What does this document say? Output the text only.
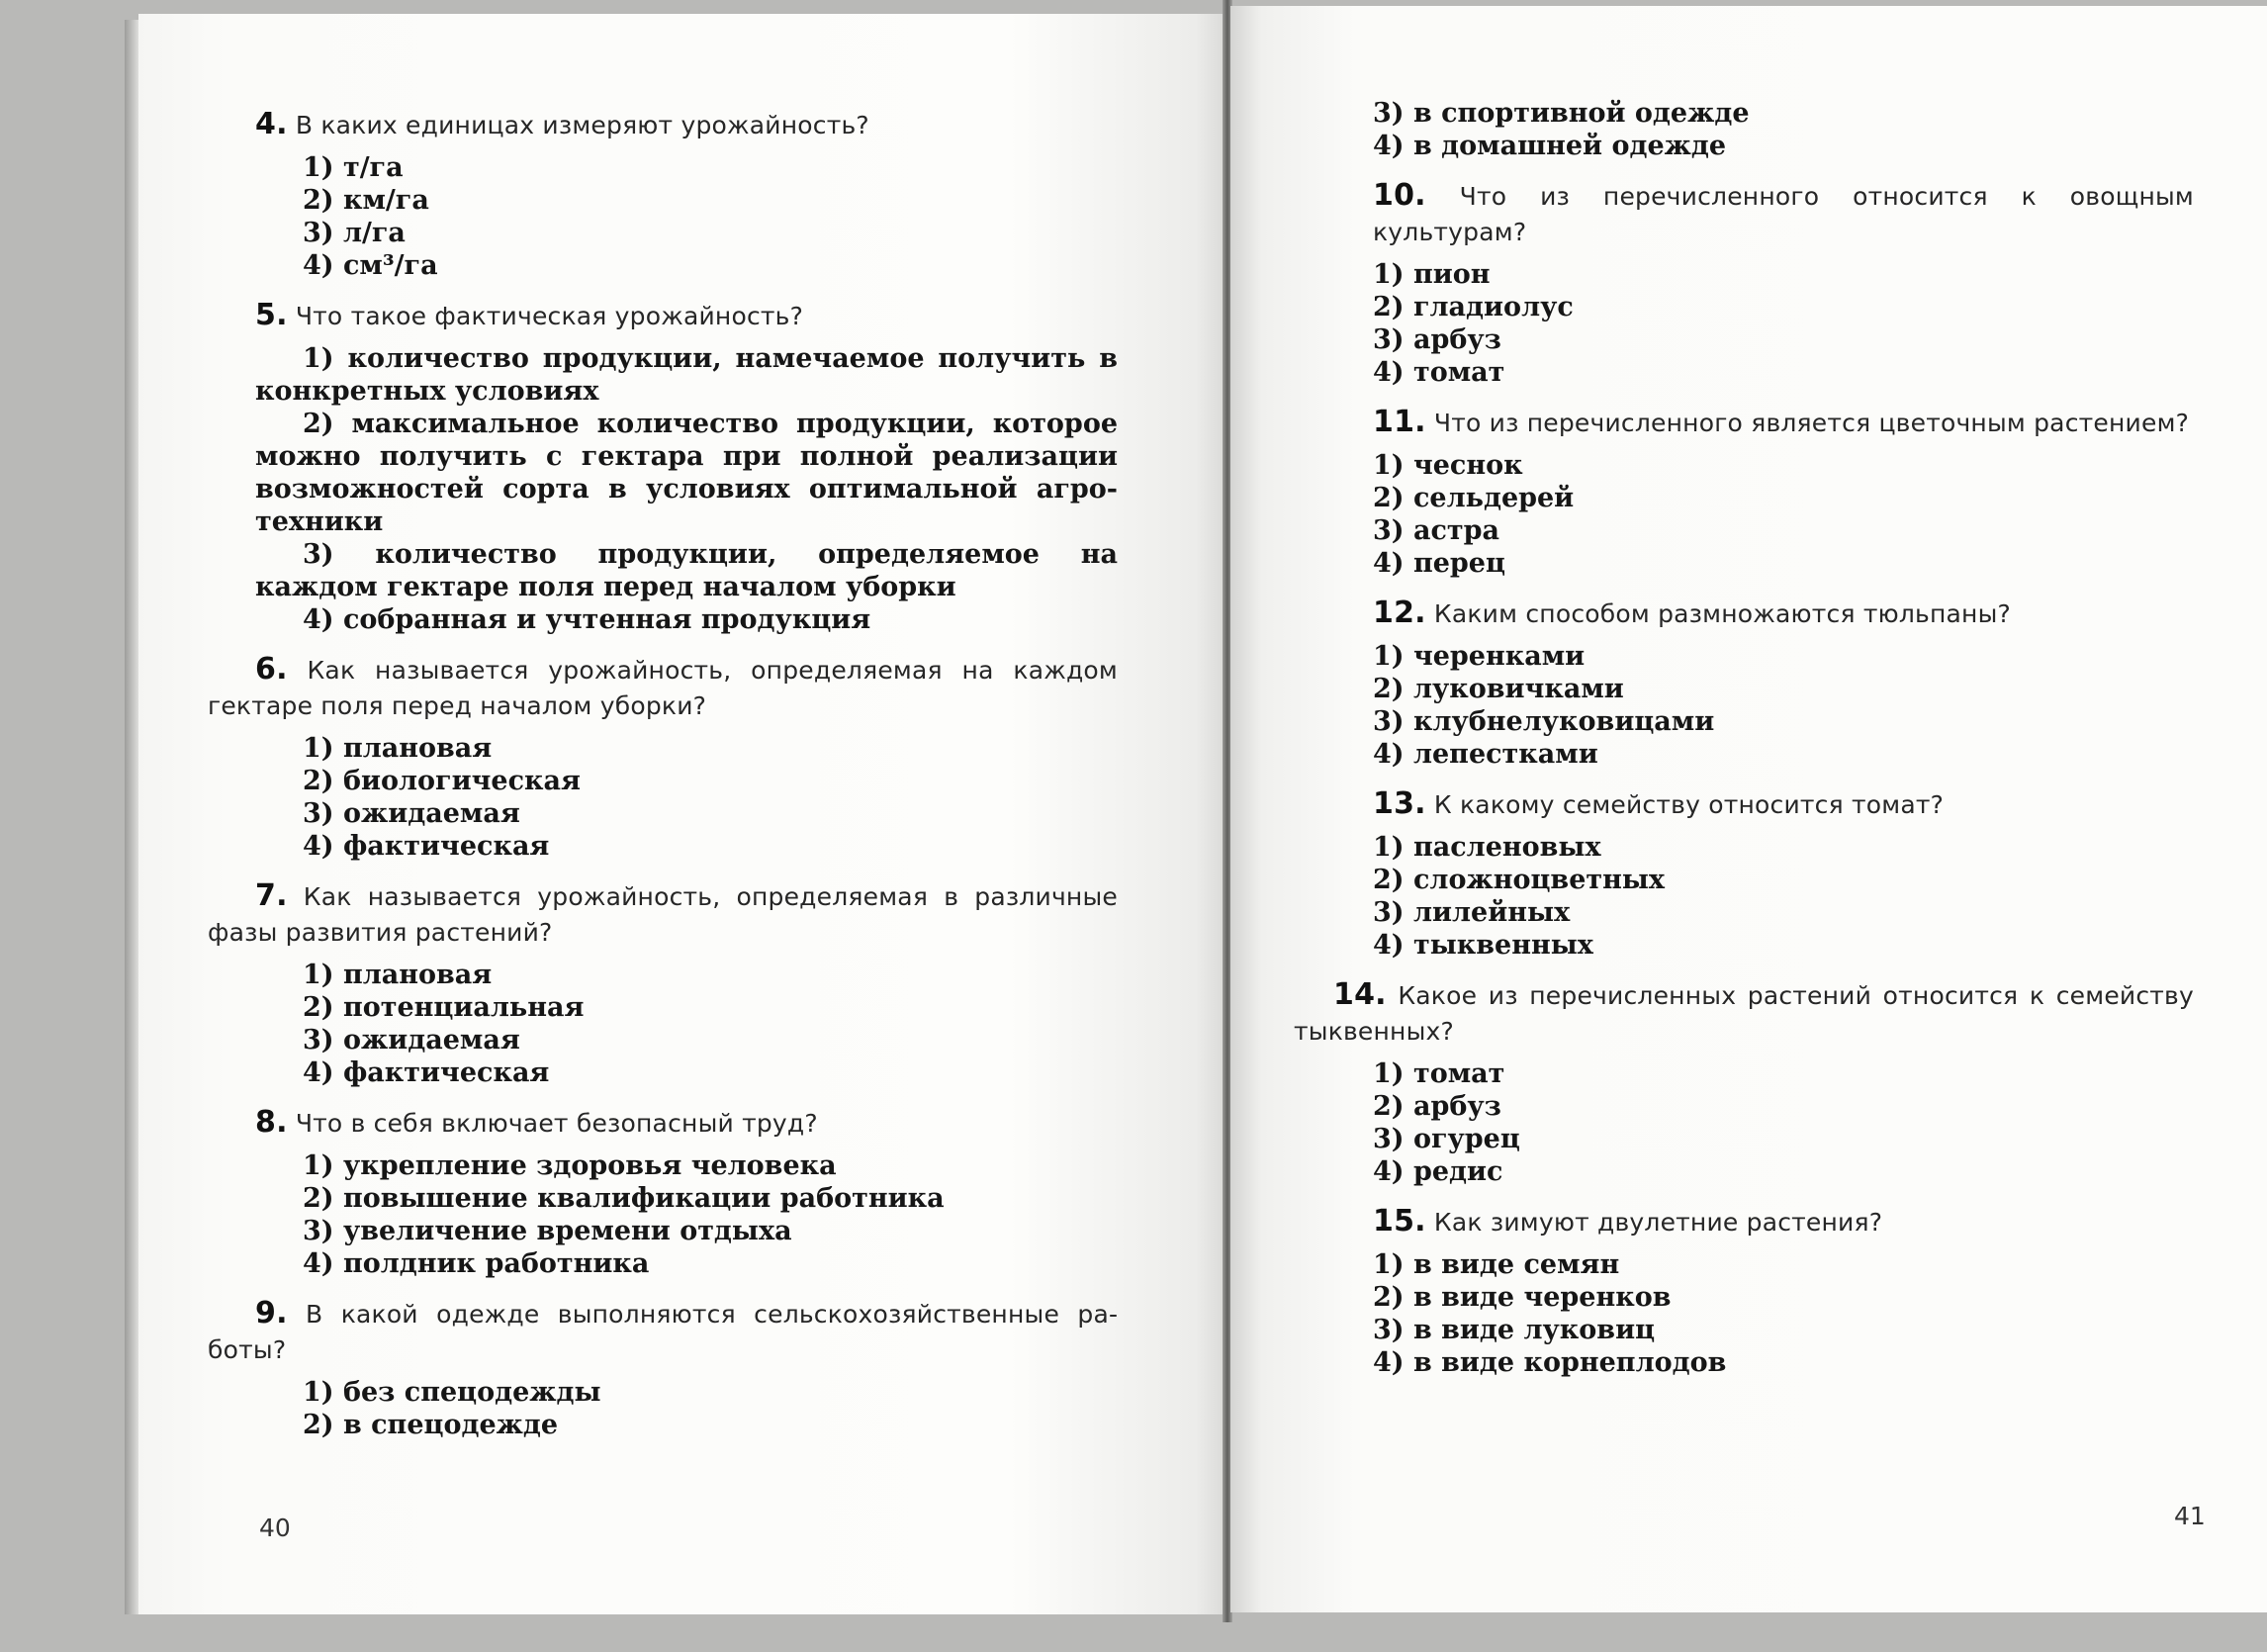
4. В каких единицах измеряют урожайность?
1) т/га
2) км/га
3) л/га
4) см³/га
5. Что такое фактическая урожайность?
1) количество продукции, намечаемое получить в конкретных условиях
2) максимальное количество продукции, которое можно получить с гектара при полной реализации возможностей сорта в условиях оптимальной агротехники
3) количество продукции, определяемое на каждом гектаре поля перед началом уборки
4) собранная и учтенная продукция
6. Как называется урожайность, определяемая на каждом гектаре поля перед началом уборки?
1) плановая
2) биологическая
3) ожидаемая
4) фактическая
7. Как называется урожайность, определяемая в различные фазы развития растений?
1) плановая
2) потенциальная
3) ожидаемая
4) фактическая
8. Что в себя включает безопасный труд?
1) укрепление здоровья человека
2) повышение квалификации работника
3) увеличение времени отдыха
4) полдник работника
9. В какой одежде выполняются сельскохозяйственные работы?
1) без спецодежды
2) в спецодежде
40
3) в спортивной одежде
4) в домашней одежде
10. Что из перечисленного относится к овощным культурам?
1) пион
2) гладиолус
3) арбуз
4) томат
11. Что из перечисленного является цветочным растением?
1) чеснок
2) сельдерей
3) астра
4) перец
12. Каким способом размножаются тюльпаны?
1) черенками
2) луковичками
3) клубнелуковицами
4) лепестками
13. К какому семейству относится томат?
1) пасленовых
2) сложноцветных
3) лилейных
4) тыквенных
14. Какое из перечисленных растений относится к семейству тыквенных?
1) томат
2) арбуз
3) огурец
4) редис
15. Как зимуют двулетние растения?
1) в виде семян
2) в виде черенков
3) в виде луковиц
4) в виде корнеплодов
41
